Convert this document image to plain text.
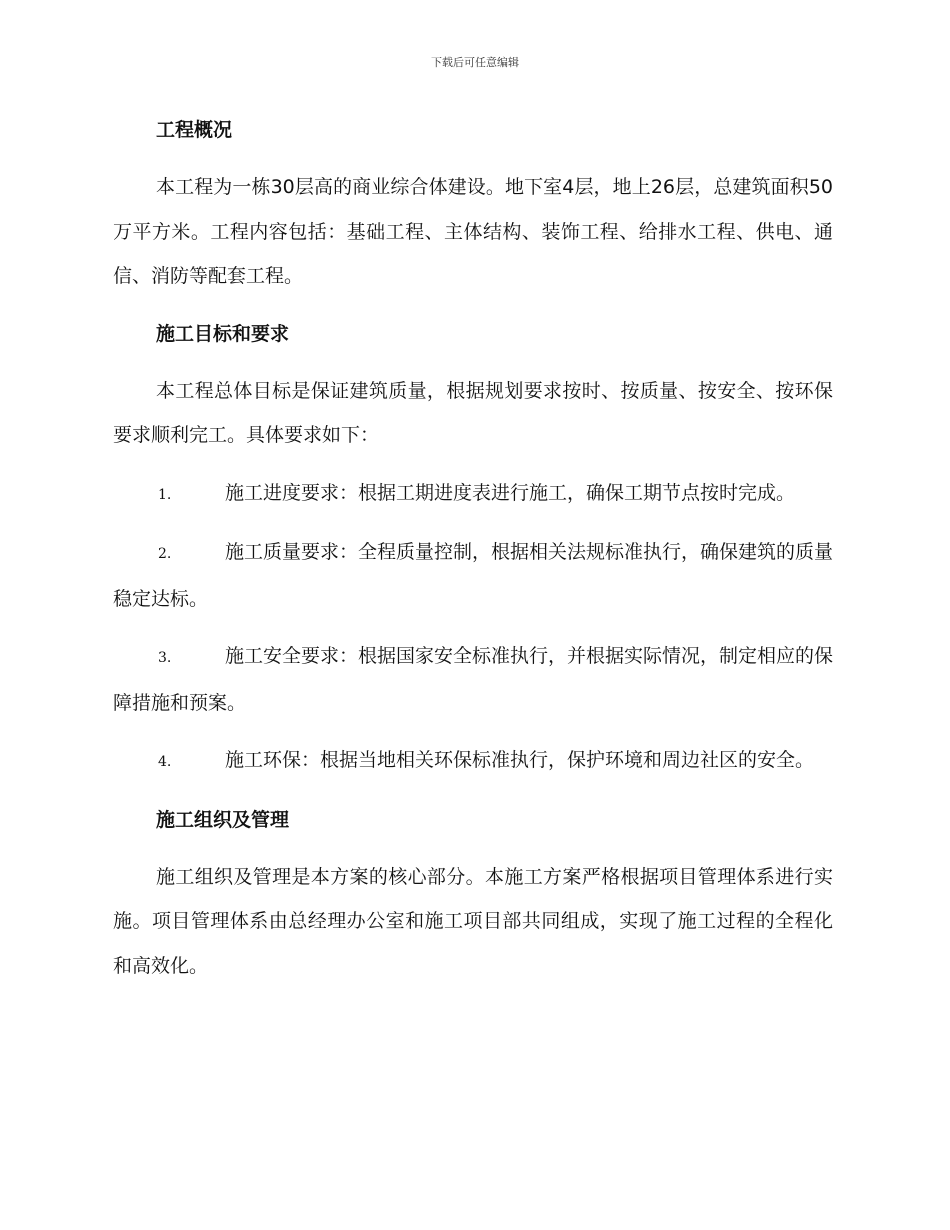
下载后可任意编辑
工程概况
本工程为一栋30层高的商业综合体建设。地下室4层，地上26层，总建筑面积50万平方米。工程内容包括：基础工程、主体结构、装饰工程、给排水工程、供电、通信、消防等配套工程。
施工目标和要求
本工程总体目标是保证建筑质量，根据规划要求按时、按质量、按安全、按环保要求顺利完工。具体要求如下：
1.	施工进度要求：根据工期进度表进行施工，确保工期节点按时完成。
2.	施工质量要求：全程质量控制，根据相关法规标准执行，确保建筑的质量稳定达标。
3.	施工安全要求：根据国家安全标准执行，并根据实际情况，制定相应的保障措施和预案。
4.	施工环保：根据当地相关环保标准执行，保护环境和周边社区的安全。
施工组织及管理
施工组织及管理是本方案的核心部分。本施工方案严格根据项目管理体系进行实施。项目管理体系由总经理办公室和施工项目部共同组成，实现了施工过程的全程化和高效化。
